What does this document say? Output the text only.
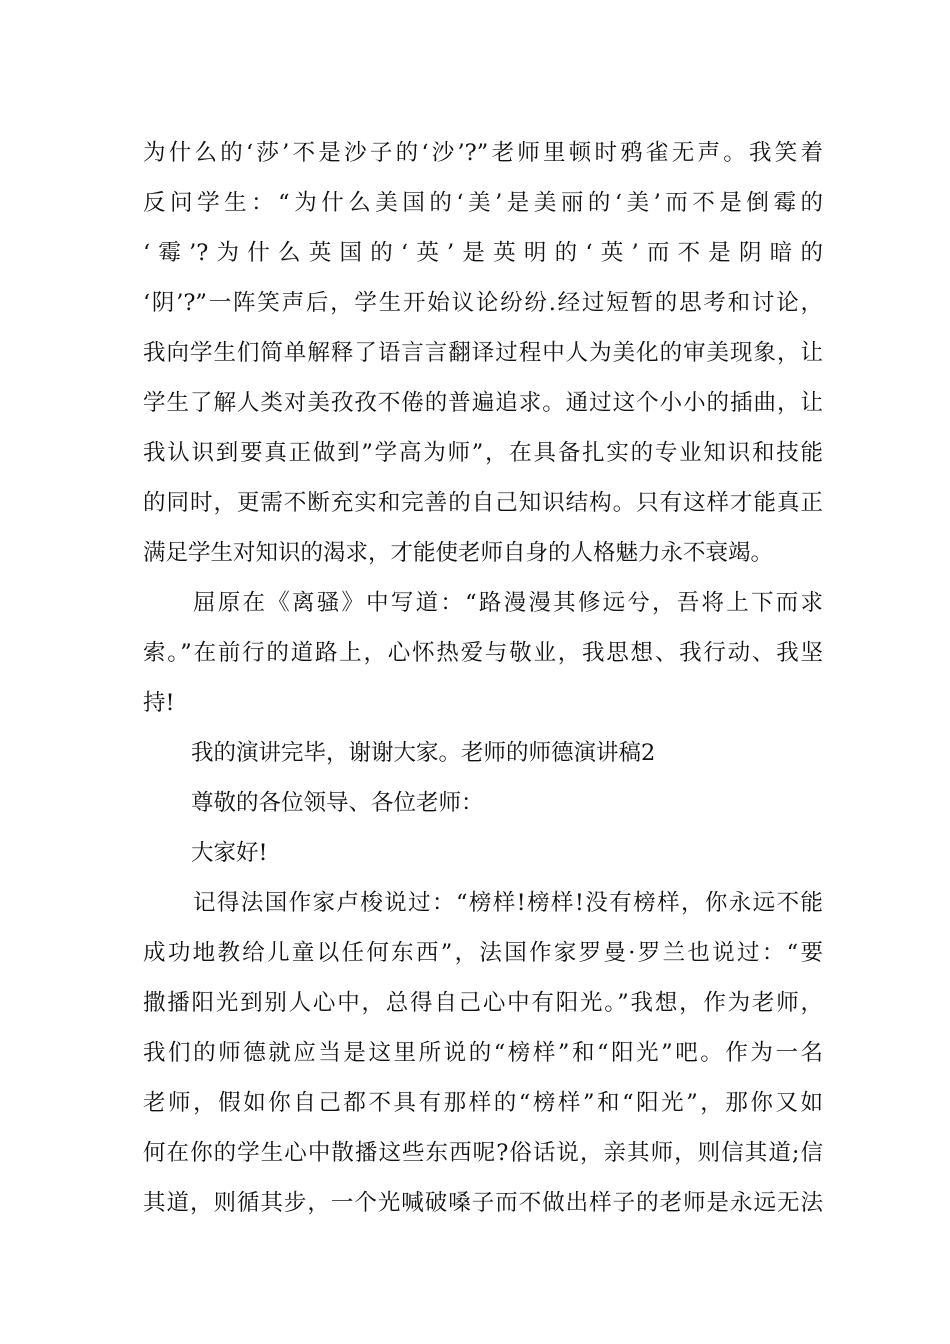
为什么的‘莎’不是沙子的‘沙’?”老师里顿时鸦雀无声。我笑着
反问学生：“为什么美国的‘美’是美丽的‘美’而不是倒霉的
‘霉’?为什么英国的‘英’是英明的‘英’而不是阴暗的
‘阴’?”一阵笑声后，学生开始议论纷纷.经过短暂的思考和讨论，
我向学生们简单解释了语言言翻译过程中人为美化的审美现象，让
学生了解人类对美孜孜不倦的普遍追求。通过这个小小的插曲，让
我认识到要真正做到”学高为师”，在具备扎实的专业知识和技能
的同时，更需不断充实和完善的自己知识结构。只有这样才能真正
满足学生对知识的渴求，才能使老师自身的人格魅力永不衰竭。
屈原在《离骚》中写道：“路漫漫其修远兮，吾将上下而求
索。”在前行的道路上，心怀热爱与敬业，我思想、我行动、我坚
持!
我的演讲完毕，谢谢大家。老师的师德演讲稿2
尊敬的各位领导、各位老师：
大家好!
记得法国作家卢梭说过：“榜样!榜样!没有榜样，你永远不能
成功地教给儿童以任何东西”，法国作家罗曼·罗兰也说过：“要
撒播阳光到别人心中，总得自己心中有阳光。”我想，作为老师，
我们的师德就应当是这里所说的“榜样”和“阳光”吧。作为一名
老师，假如你自己都不具有那样的“榜样”和“阳光”，那你又如
何在你的学生心中散播这些东西呢?俗话说，亲其师，则信其道;信
其道，则循其步，一个光喊破嗓子而不做出样子的老师是永远无法
